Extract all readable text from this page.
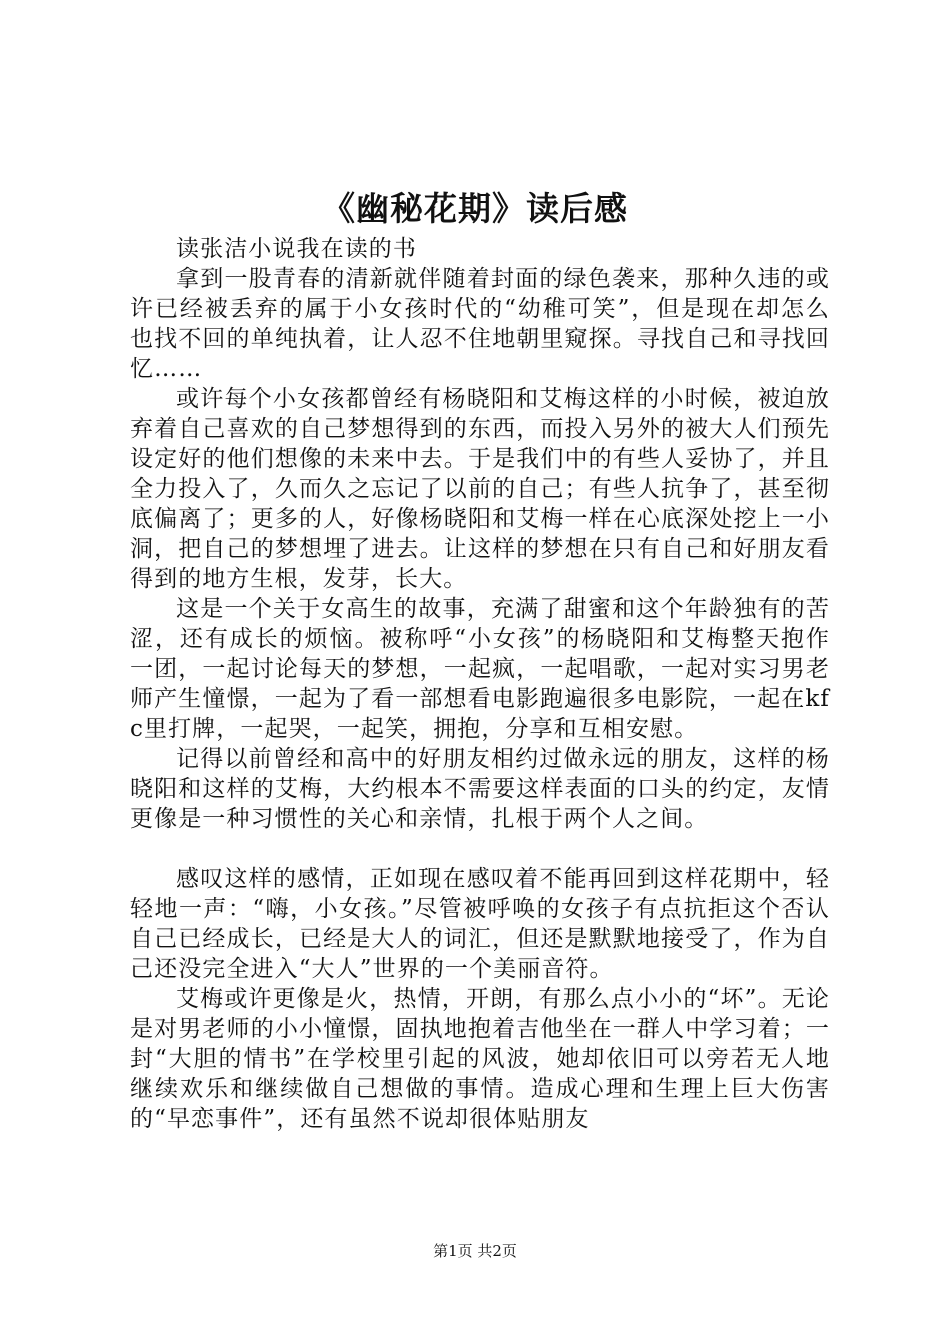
《幽秘花期》读后感

读张洁小说我在读的书

拿到一股青春的清新就伴随着封面的绿色袭来，那种久违的或许已经被丢弃的属于小女孩时代的“幼稚可笑”，但是现在却怎么也找不回的单纯执着，让人忍不住地朝里窥探。寻找自己和寻找回忆……

或许每个小女孩都曾经有杨晓阳和艾梅这样的小时候，被迫放弃着自己喜欢的自己梦想得到的东西，而投入另外的被大人们预先设定好的他们想像的未来中去。于是我们中的有些人妥协了，并且全力投入了，久而久之忘记了以前的自己；有些人抗争了，甚至彻底偏离了；更多的人，好像杨晓阳和艾梅一样在心底深处挖上一小洞，把自己的梦想埋了进去。让这样的梦想在只有自己和好朋友看得到的地方生根，发芽，长大。

这是一个关于女高生的故事，充满了甜蜜和这个年龄独有的苦涩，还有成长的烦恼。被称呼“小女孩”的杨晓阳和艾梅整天抱作一团，一起讨论每天的梦想，一起疯，一起唱歌，一起对实习男老师产生憧憬，一起为了看一部想看电影跑遍很多电影院，一起在kfc里打牌，一起哭，一起笑，拥抱，分享和互相安慰。

记得以前曾经和高中的好朋友相约过做永远的朋友，这样的杨晓阳和这样的艾梅，大约根本不需要这样表面的口头的约定，友情更像是一种习惯性的关心和亲情，扎根于两个人之间。

感叹这样的感情，正如现在感叹着不能再回到这样花期中，轻轻地一声：“嗨，小女孩。”尽管被呼唤的女孩子有点抗拒这个否认自己已经成长，已经是大人的词汇，但还是默默地接受了，作为自己还没完全进入“大人”世界的一个美丽音符。

艾梅或许更像是火，热情，开朗，有那么点小小的“坏”。无论是对男老师的小小憧憬，固执地抱着吉他坐在一群人中学习着；一封“大胆的情书”在学校里引起的风波，她却依旧可以旁若无人地继续欢乐和继续做自己想做的事情。造成心理和生理上巨大伤害的“早恋事件”，还有虽然不说却很体贴朋友

第1页 共2页
